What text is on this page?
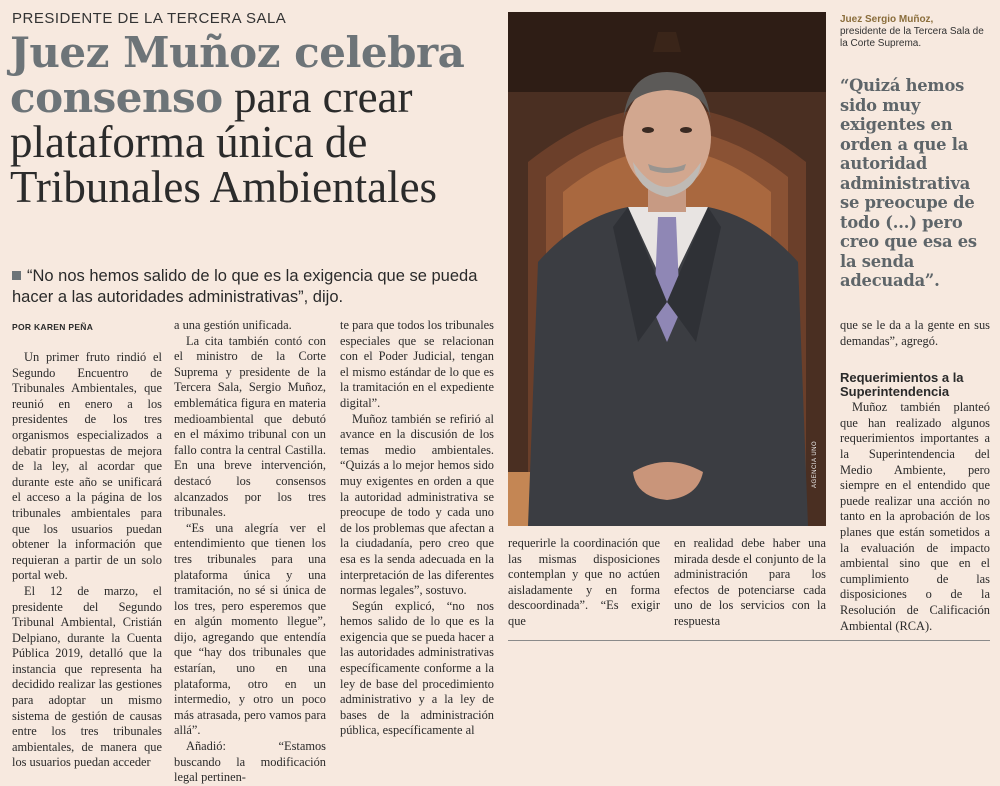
PRESIDENTE DE LA TERCERA SALA
Juez Muñoz celebra consenso para crear plataforma única de Tribunales Ambientales
“No nos hemos salido de lo que es la exigencia que se pueda hacer a las autoridades administrativas”, dijo.
POR KAREN PEÑA

Un primer fruto rindió el Segundo Encuentro de Tribunales Ambientales, que reunió en enero a los presidentes de los tres organismos especializados a debatir propuestas de mejora de la ley, al acordar que durante este año se unificará el acceso a la página de los tribunales ambientales para que los usuarios puedan obtener la información que requieran a partir de un solo portal web.

El 12 de marzo, el presidente del Segundo Tribunal Ambiental, Cristián Delpiano, durante la Cuenta Pública 2019, detalló que la instancia que representa ha decidido realizar las gestiones para adoptar un mismo sistema de gestión de causas entre los tres tribunales ambientales, de manera que los usuarios puedan acceder

a una gestión unificada.

La cita también contó con el ministro de la Corte Suprema y presidente de la Tercera Sala, Sergio Muñoz, emblemática figura en materia medioambiental que debutó en el máximo tribunal con un fallo contra la central Castilla. En una breve intervención, destacó los consensos alcanzados por los tres tribunales.

“Es una alegría ver el entendimiento que tienen los tres tribunales para una plataforma única y una tramitación, no sé si única de los tres, pero esperemos que en algún momento llegue”, dijo, agregando que entendía que “hay dos tribunales que estarían, uno en una plataforma, otro en un intermedio, y otro un poco más atrasada, pero vamos para allá”.

Añadió: “Estamos buscando la modificación legal pertinen-

te para que todos los tribunales especiales que se relacionan con el Poder Judicial, tengan el mismo estándar de lo que es la tramitación en el expediente digital”.

Muñoz también se refirió al avance en la discusión de los temas medio ambientales. “Quizás a lo mejor hemos sido muy exigentes en orden a que la autoridad administrativa se preocupe de todo y cada uno de los problemas que afectan a la ciudadanía, pero creo que esa es la senda adecuada en la interpretación de las diferentes normas legales”, sostuvo.

Según explicó, “no nos hemos salido de lo que es la exigencia que se pueda hacer a las autoridades administrativas específicamente conforme a la ley de base del procedimiento administrativo y a la ley de bases de la administración pública, específicamente al

AGENCIA UNO
Juez Sergio Muñoz,
presidente de la Tercera Sala de la Corte Suprema.
“Quizá hemos sido muy exigentes en orden a que la autoridad administrativa se preocupe de todo (...) pero creo que esa es la senda adecuada”.

requerirle la coordinación que las mismas disposiciones contemplan y que no actúen aisladamente y en forma descoordinada”. “Es exigir que

en realidad debe haber una mirada desde el conjunto de la administración para los efectos de potenciarse cada uno de los servicios con la respuesta

que se le da a la gente en sus demandas”, agregó.

Requerimientos a la Superintendencia

Muñoz también planteó que han realizado algunos requerimientos importantes a la Superintendencia del Medio Ambiente, pero siempre en el entendido que puede realizar una acción no tanto en la aprobación de los planes que están sometidos a la evaluación de impacto ambiental sino que en el cumplimiento de las disposiciones o de la Resolución de Calificación Ambiental (RCA).
